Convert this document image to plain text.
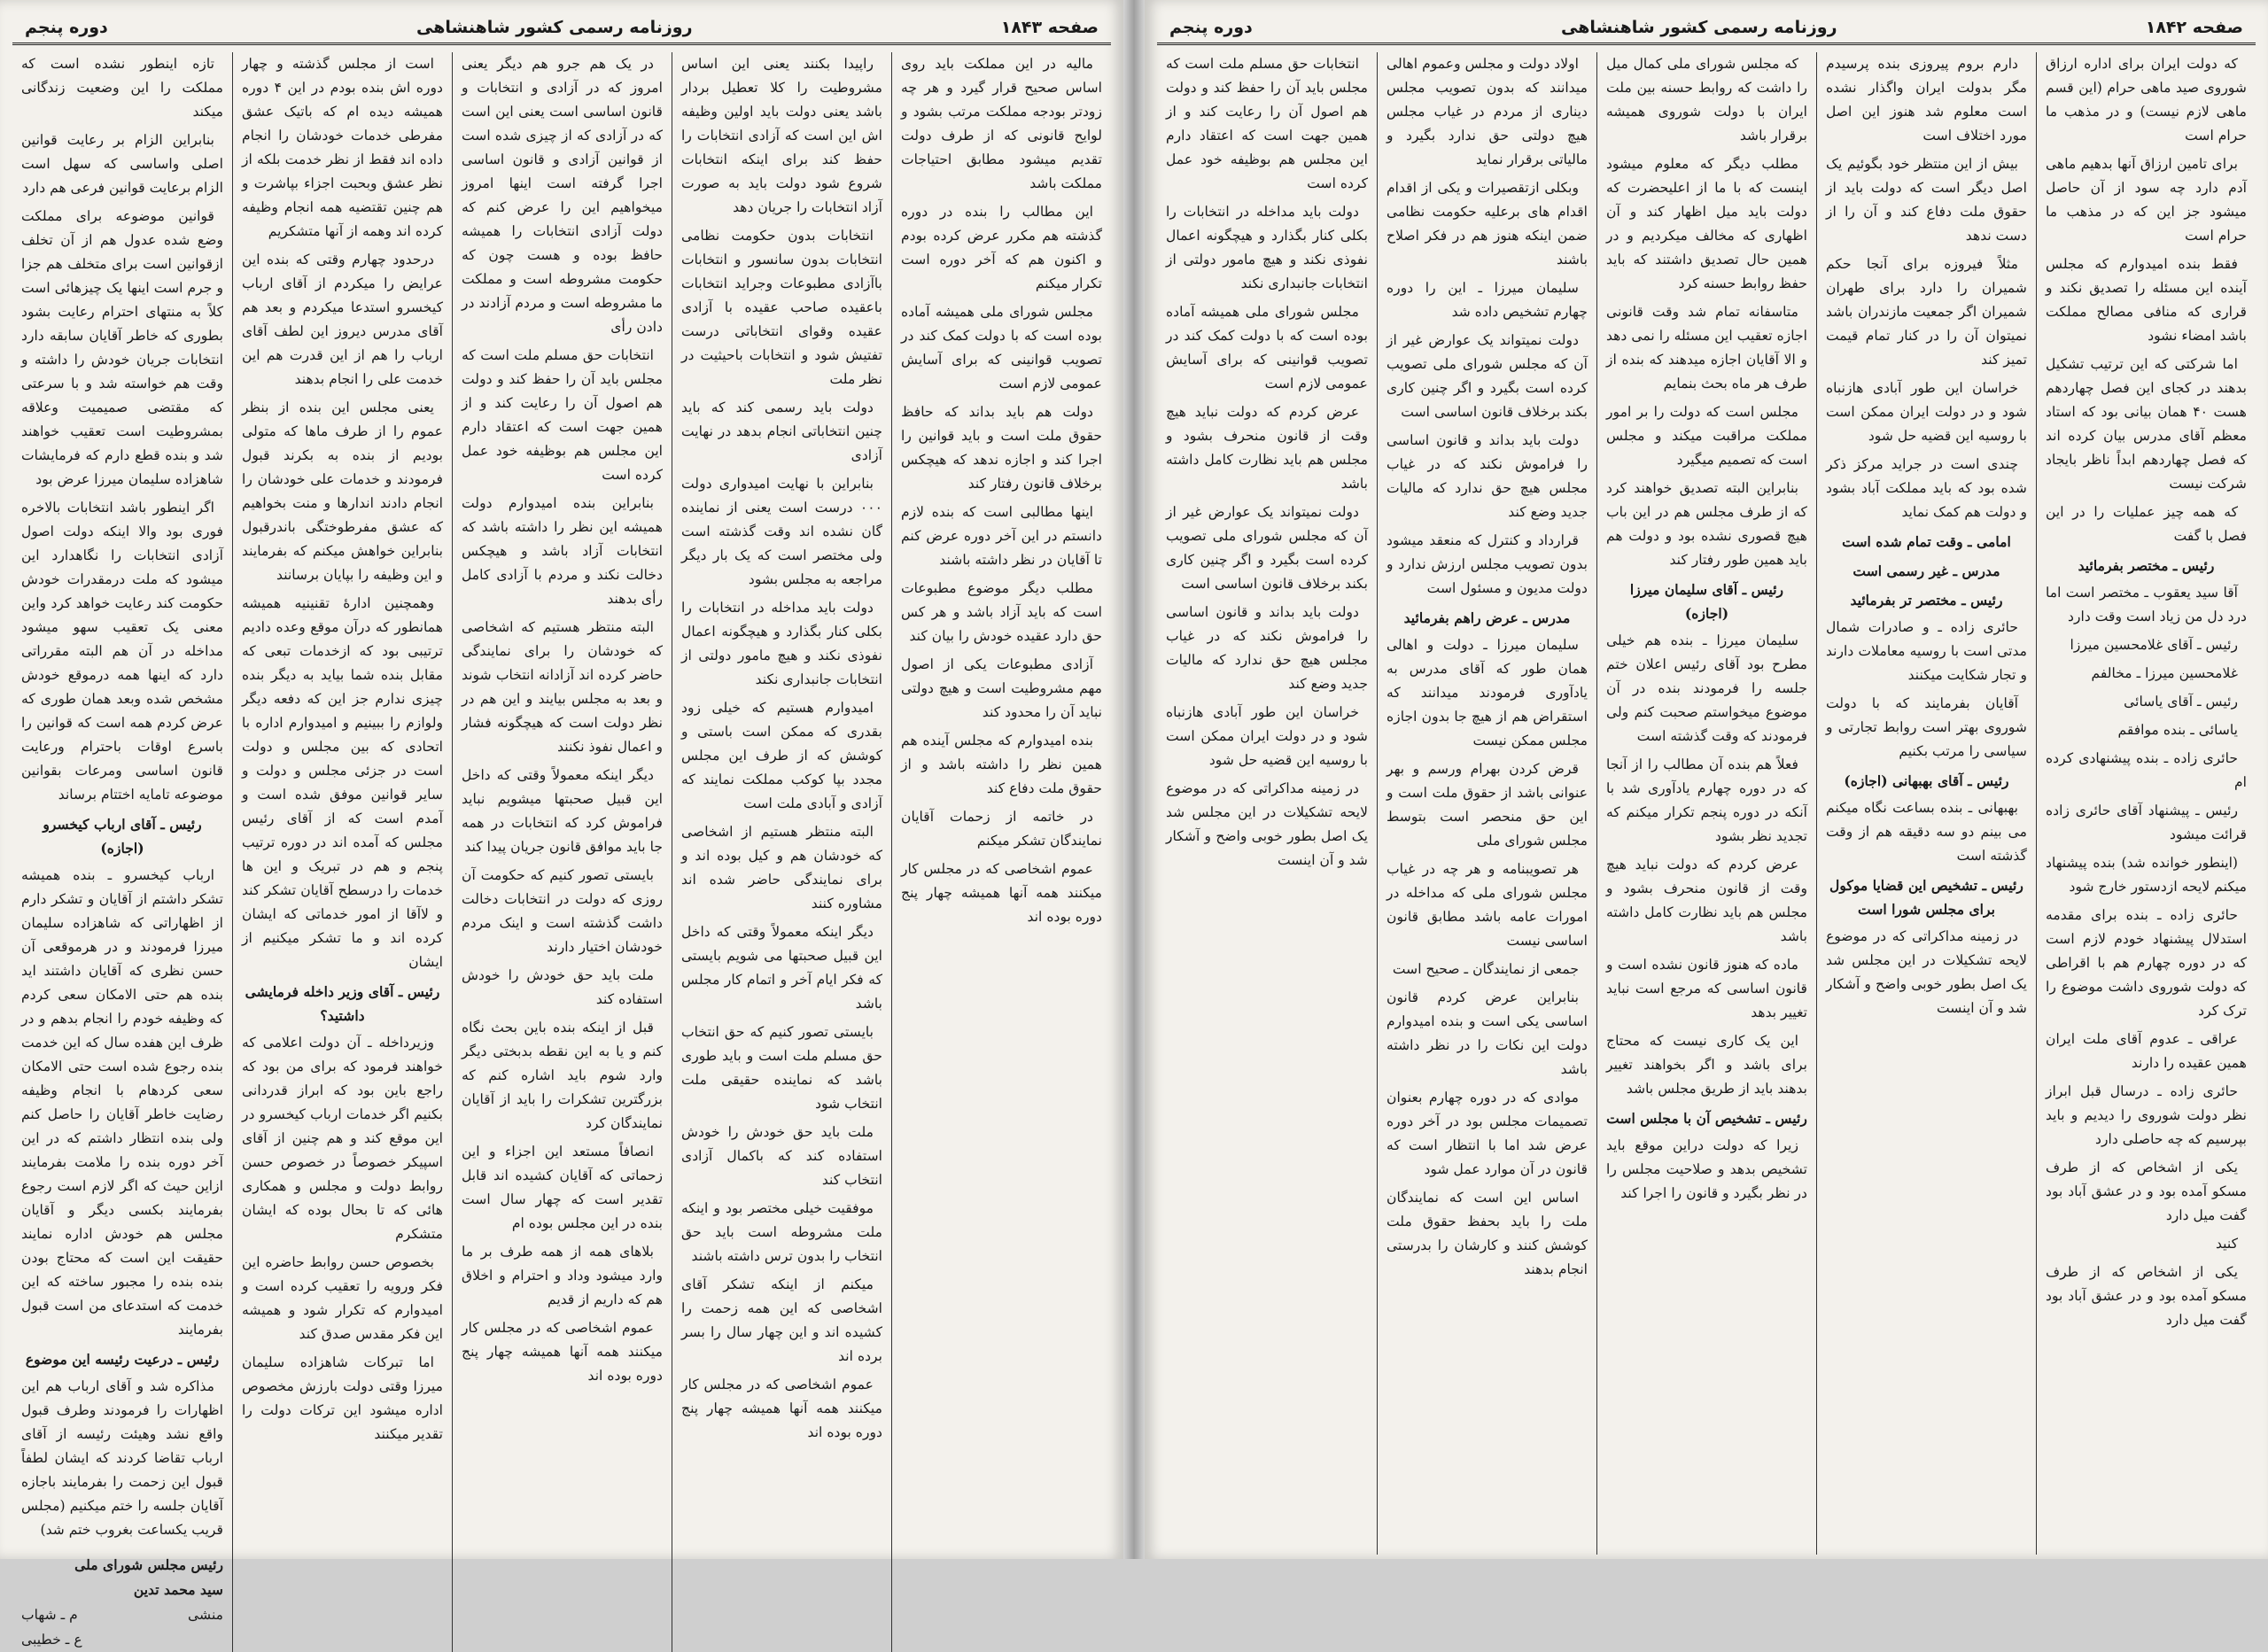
صفحه ۱۸۴۳
روزنامه رسمی کشور شاهنشاهی
دوره پنجم

مالیه در این مملکت باید روی اساس صحیح قرار گیرد و هر چه زودتر بودجه مملکت مرتب بشود و لوایح قانونی که از طرف دولت تقدیم میشود مطابق احتیاجات مملکت باشد

این مطالب را بنده در دوره گذشته هم مکرر عرض کرده بودم و اکنون هم که آخر دوره است تکرار میکنم

مجلس شورای ملی همیشه آماده بوده است که با دولت کمک کند در تصویب قوانینی که برای آسایش عمومی لازم است

دولت هم باید بداند که حافظ حقوق ملت است و باید قوانین را اجرا کند و اجازه ندهد که هیچکس برخلاف قانون رفتار کند

اینها مطالبی است که بنده لازم دانستم در این آخر دوره عرض کنم تا آقایان در نظر داشته باشند

مطلب دیگر موضوع مطبوعات است که باید آزاد باشد و هر کس حق دارد عقیده خودش را بیان کند

آزادی مطبوعات یکی از اصول مهم مشروطیت است و هیچ دولتی نباید آن را محدود کند

بنده امیدوارم که مجلس آینده هم همین نظر را داشته باشد و از حقوق ملت دفاع کند

در خاتمه از زحمات آقایان نمایندگان تشکر میکنم

عموم اشخاصی که در مجلس کار میکنند همه آنها همیشه چهار پنج دوره بوده اند

راپیدا بکنند یعنی این اساس مشروطیت را کلا تعطیل بردار باشد یعنی دولت باید اولین وظیفه اش این است که آزادی انتخابات را حفظ کند برای اینکه انتخابات شروع شود دولت باید به صورت آزاد انتخابات را جریان دهد

انتخابات بدون حکومت نظامی انتخابات بدون سانسور و انتخابات باآزادی مطبوعات وجراید انتخابات باعقیده صاحب عقیده با آزادی عقیده وقوای انتخاباتی درست تفتیش شود و انتخابات باحیثیت در نظر ملت

دولت باید رسمی کند که باید چنین انتخاباتی انجام بدهد در نهایت آزادی

بنابراین با نهایت امیدواری دولت ۰۰۰ درست است یعنی از نماینده گان نشده اند وقت گذشته است ولی مختصر است که یک بار دیگر مراجعه به مجلس بشود

دولت باید مداخله در انتخابات را بکلی کنار بگذارد و هیچگونه اعمال نفوذی نکند و هیچ مامور دولتی از انتخابات جانبداری نکند

امیدوارم هستیم که خیلی زود بقدری که ممکن است باستی و کوشش که از طرف این مجلس مجدد بپا کوکب مملکت نمایند که آزادی و آبادی ملت است

البته منتظر هستیم از اشخاصی که خودشان هم و کیل بوده اند و برای نمایندگی حاضر شده اند مشاوره کنند

دیگر اینکه معمولاً وقتی که داخل این قبیل صحبتها می شویم بایستی که فکر ایام آخر و اتمام کار مجلس باشد

بایستی تصور کنیم که حق انتخاب حق مسلم ملت است و باید طوری باشد که نماینده حقیقی ملت انتخاب شود

ملت باید حق خودش را خودش استفاده کند که باکمال آزادی انتخاب کند

موفقیت خیلی مختصر بود و اینکه ملت مشروطه است باید حق انتخاب را بدون ترس داشته باشند

میکنم از اینکه تشکر آقای اشخاصی که این همه زحمت را کشیده اند و این چهار سال را بسر برده اند

عموم اشخاصی که در مجلس کار میکنند همه آنها همیشه چهار پنج دوره بوده اند

در یک هم جرو هم دیگر یعنی امروز که در آزادی و انتخابات و قانون اساسی است یعنی این است که در آزادی که از چیزی شده است از قوانین آزادی و قانون اساسی اجرا گرفته است اینها امروز میخواهیم این را عرض کنم که دولت آزادی انتخابات را همیشه حافظ بوده و هست چون که حکومت مشروطه است و مملکت ما مشروطه است و مردم آزادند در دادن رأی

انتخابات حق مسلم ملت است که مجلس باید آن را حفظ کند و دولت هم اصول آن را رعایت کند و از همین جهت است که اعتقاد دارم این مجلس هم بوظیفه خود عمل کرده است

بنابراین بنده امیدوارم دولت همیشه این نظر را داشته باشد که انتخابات آزاد باشد و هیچکس دخالت نکند و مردم با آزادی کامل رأی بدهند

البته منتظر هستیم که اشخاصی که خودشان را برای نمایندگی حاضر کرده اند آزادانه انتخاب شوند و بعد به مجلس بیایند و این هم در نظر دولت است که هیچگونه فشار و اعمال نفوذ نکنند

دیگر اینکه معمولاً وقتی که داخل این قبیل صحبتها میشویم نباید فراموش کرد که انتخابات در همه جا باید موافق قانون جریان پیدا کند

بایستی تصور کنیم که حکومت آن روزی که دولت در انتخابات دخالت داشت گذشته است و اینک مردم خودشان اختیار دارند

ملت باید حق خودش را خودش استفاده کند

قبل از اینکه بنده باین بحث نگاه کنم و یا به این نقطه بدبختی دیگر وارد شوم باید اشاره کنم که بزرگترین تشکرات را باید از آقایان نمایندگان کرد

انصافاً مستعد این اجزاء و این زحماتی که آقایان کشیده اند قابل تقدیر است که چهار سال است بنده در این مجلس بوده ام

بلاهای همه از همه طرف بر ما وارد میشود وداد و احترام و اخلاق هم که داریم از قدیم

عموم اشخاصی که در مجلس کار میکنند همه آنها همیشه چهار پنج دوره بوده اند

است از مجلس گذشته و چهار دوره اش بنده بودم در این ۴ دوره همیشه دیده ام که باتیک عشق مفرطی خدمات خودشان را انجام داده اند فقط از نظر خدمت بلکه از نظر عشق وبحبت اجزاء بپاشرت و هم چنین تقتضیه همه انجام وظیفه کرده اند وهمه از آنها متشکریم

درحدود چهارم وقتی که بنده این عرایض را میکردم از آقای ارباب کیخسرو استدعا میکردم و بعد هم آقای مدرس دیروز این لطف آقای ارباب را هم از این قدرت هم این خدمت علی را انجام بدهند

یعنی مجلس این بنده از بنظر عموم را از طرف ماها که متولی بودیم از بنده به بکرند قبول فرمودند و خدمات علی خودشان را انجام دادند اندارها و منت بخواهیم که عشق مفرطوختگی باندرقبول بنابراین خواهش میکنم که بفرمایند و این وظیفه را بپایان برسانند

وهمچنین ادارۀ تقنینیه همیشه همانطور که درآن موقع وعده دادیم ترتیبی بود که ازخدمات تبعی که مقابل بنده شما بیاید به دیگر بنده چیزی ندارم جز این که دفعه دیگر ولوازم را ببینیم و امیدوارم اداره با اتحادی که بین مجلس و دولت است در جزئی مجلس و دولت و سایر قوانین موفق شده است و آمدم است که از آقای رئیس مجلس که آمده اند در دوره ترتیب پنجم و هم در تبریک و این ها خدمات را درسطح آقایان تشکر کند و لاآقا از امور خدماتی که ایشان کرده اند و ما تشکر میکنیم از ایشان

رئیس ـ آقای وزیر داخله فرمایشی داشتید؟

وزیرداخله ـ آن دولت اعلامی که خواهند فرمود که برای من بود که راجع باین بود که ابراز قدردانی بکنیم اگر خدمات ارباب کیخسرو در این موقع کند و هم چنین از آقای اسپیکر خصوصاً در خصوص حسن روابط دولت و مجلس و همکاری هائی که تا بحال بوده که ایشان متشکرم

بخصوص حسن روابط حاضره این فکر ورویه را تعقیب کرده است و امیدوارم که تکرار شود و همیشه این فکر مقدس صدق کند

اما تبرکات شاهزاده سلیمان میرزا وقتی دولت بارزش مخصوص اداره میشود این ترکات دولت را تقدیر میکنند

تازه اینطور نشده است که مملکت را این وضعیت زندگانی میکند

بنابراین الزام بر رعایت قوانین اصلی واساسی که سهل است الزام برعایت قوانین فرعی هم دارد

قوانین موضوعه برای مملکت وضع شده عدول هم از آن تخلف ازقوانین است برای متخلف هم جزا و جرم است اینها یک چیزهائی است کلاً به منتهای احترام رعایت بشود بطوری که خاطر آقایان سابقه دارد انتخابات جریان خودش را داشته و وقت هم خواسته شد و با سرعتی که مقتضی صمیمیت وعلاقه بمشروطیت است تعقیب خواهند شد و بنده قطع دارم که فرمایشات شاهزاده سلیمان میرزا عرض بود

اگر اینطور باشد انتخابات بالاخره فوری بود والا اینکه دولت اصول آزادی انتخابات را نگاهدارد این میشود که ملت درمقدرات خودش حکومت کند رعایت خواهد کرد واین معنی یک تعقیب سهو میشود مداخله در آن هم البته مقرراتی دارد که اینها همه درموقع خودش مشخص شده وبعد همان طوری که عرض کردم همه است که قوانین را باسرع اوقات باحترام ورعایت قانون اساسی ومرعات بقوانین موضوعه تامایه اختتام برساند

رئیس ـ آقای ارباب کیخسرو (اجازه)

ارباب کیخسرو ـ بنده همیشه تشکر داشتم از آقایان و تشکر دارم از اظهاراتی که شاهزاده سلیمان میرزا فرمودند و در هرموقعی آن حسن نظری که آقایان داشتند اید بنده هم حتی الامکان سعی کردم که وظیفه خودم را انجام بدهم و در ظرف این هفده سال که این خدمت بنده رجوع شده است حتی الامکان سعی کردهام با انجام وظیفه رضایت خاطر آقایان را حاصل کنم ولی بنده انتظار داشتم که در این آخر دوره بنده را ملامت بفرمایند ازاین حیث که اگر لازم است رجوع بفرمایند بکسی دیگر و آقایان مجلس هم خودش اداره نمایند حقیقت این است که محتاج بودن بنده بنده را مجبور ساخته که این خدمت که استدعای من است قبول بفرمایند

رئیس ـ درعیت رئیسه این موضوع

مذاکره شد و آقای ارباب هم این اظهارات را فرمودند وطرف قبول واقع نشد وهیئت رئیسه از آقای ارباب تقاضا کردند که ایشان لطفاً قبول این زحمت را بفرمایند باجازه آقایان جلسه را ختم میکنیم (مجلس قریب یکساعت بغروب ختم شد)

رئیس مجلس شورای ملی
سید محمد تدین
منشی
م ـ شهاب
ع ـ خطیبی
صفحه ۱۸۴۲
روزنامه رسمی کشور شاهنشاهی
دوره پنجم

که دولت ایران برای اداره ارزاق شوروی صید ماهی حرام (این قسم ماهی لازم نیست) و در مذهب ما حرام است

برای تامین ارزاق آنها بدهیم ماهی آدم دارد چه سود از آن حاصل میشود جز این که در مذهب ما حرام است

فقط بنده امیدوارم که مجلس آینده این مسئله را تصدیق نکند و قراری که منافی مصالح مملکت باشد امضاء نشود

اما شرکتی که این ترتیب تشکیل بدهند در کجای این فصل چهاردهم هست ۴۰ همان بیانی بود که استاد معظم آقای مدرس بیان کرده اند که فصل چهاردهم ابداً ناظر بایجاد شرکت نیست

که همه چیز عملیات را در این فصل با گفت

رئیس ـ مختصر بفرمائید

آقا سید یعقوب ـ مختصر است اما درد دل من زیاد است وقت دارد

رئیس ـ آقای غلامحسین میرزا

غلامحسین میرزا ـ مخالفم

رئیس ـ آقای یاسائی

یاسائی ـ بنده موافقم

حائری زاده ـ بنده پیشنهادی کرده ام

رئیس ـ پیشنهاد آقای حائری زاده قرائت میشود

(اینطور خوانده شد) بنده پیشنهاد میکنم لایحه ازدستور خارج شود

حائری زاده ـ بنده برای مقدمه استدلال پیشنهاد خودم لازم است که در دوره چهارم هم با اقراطی که دولت شوروی داشت موضوع را ترک کرد

عراقی ـ عدوم آقای ملت ایران همین عقیده را دارند

حائری زاده ـ درسال قبل ابراز نظر دولت شوروی را دیدیم و باید بپرسیم که چه حاصلی دارد

یکی از اشخاص که از طرف مسکو آمده بود و در عشق آباد بود گفت میل دارد

کنید

یکی از اشخاص که از طرف مسکو آمده بود و در عشق آباد بود گفت میل دارد

دارم بروم پیروزی بنده پرسیدم مگر بدولت ایران واگذار نشده است معلوم شد هنوز این اصل مورد اختلاف است

بیش از این منتظر خود بگوئیم یک اصل دیگر است که دولت باید از حقوق ملت دفاع کند و آن را از دست ندهد

مثلاً فیروزه برای آنجا حکم شمیران را دارد برای طهران شمیران اگر جمعیت مازندران باشد نمیتوان آن را در کنار تمام قیمت تمیز کند

خراسان این طور آبادی هازنباه شود و در دولت ایران ممکن است با روسیه این قضیه حل شود

چندی است در جراید مرکز ذکر شده بود که باید مملکت آباد بشود و دولت هم کمک نماید

امامی ـ وقت تمام شده است

مدرس ـ غیر رسمی است

رئیس ـ مختصر تر بفرمائید

حائری زاده ـ و صادرات شمال مدتی است با روسیه معاملات دارند و تجار شکایت میکنند

آقایان بفرمایند که با دولت شوروی بهتر است روابط تجارتی و سیاسی را مرتب بکنیم

رئیس ـ آقای بهبهانی (اجازه)

بهبهانی ـ بنده بساعت نگاه میکنم می بینم دو سه دقیقه هم از وقت گذشته است

رئیس ـ تشخیص این قضایا موکول برای مجلس شورا است

در زمینه مداکراتی که در موضوع لایحه تشکیلات در این مجلس شد یک اصل بطور خوبی واضح و آشکار شد و آن اینست

که مجلس شورای ملی کمال میل را داشت که روابط حسنه بین ملت ایران با دولت شوروی همیشه برقرار باشد

مطلب دیگر که معلوم میشود اینست که با ما از اعلیحضرت که دولت باید میل اظهار کند و آن اظهاری که مخالف میکردیم و در همین حال تصدیق داشتند که باید حفظ روابط حسنه کرد

متاسفانه تمام شد وقت قانونی اجازه تعقیب این مسئله را نمی دهد و الا آقایان اجازه میدهند که بنده از طرف هر ماه بحث بنمایم

مجلس است که دولت را بر امور مملکت مراقبت میکند و مجلس است که تصمیم میگیرد

بنابراین البته تصدیق خواهند کرد که از طرف مجلس هم در این باب هیچ قصوری نشده بود و دولت هم باید همین طور رفتار کند

رئیس ـ آقای سلیمان میرزا (اجازه)

سلیمان میرزا ـ بنده هم خیلی مطرح بود آقای رئیس اعلان ختم جلسه را فرمودند بنده در آن موضوع میخواستم صحبت کنم ولی فرمودند که وقت گذشته است

فعلاً هم بنده آن مطالب را از آنجا که در دوره چهارم یادآوری شد با آنکه در دوره پنجم تکرار میکنم که تجدید نظر بشود

عرض کردم که دولت نباید هیچ وقت از قانون منحرف بشود و مجلس هم باید نظارت کامل داشته باشد

ماده که هنوز قانون نشده است و قانون اساسی که مرجع است نباید تغییر بدهد

این یک کاری نیست که محتاج برای باشد و اگر بخواهند تغییر بدهند باید از طریق مجلس باشد

رئیس ـ تشخیص آن با مجلس است

زیرا که دولت دراین موقع باید تشخیص بدهد و صلاحیت مجلس را در نظر بگیرد و قانون را اجرا کند

اولاد دولت و مجلس وعموم اهالی میدانند که بدون تصویب مجلس دیناری از مردم در غیاب مجلس هیچ دولتی حق ندارد بگیرد و مالیاتی برقرار نماید

وبکلی ازتقصیرات و یکی از اقدام اقدام های برعلیه حکومت نظامی ضمن اینکه هنوز هم در فکر اصلاح باشند

سلیمان میرزا ـ این را دوره چهارم تشخیص داده شد

دولت نمیتواند یک عوارض غیر از آن که مجلس شورای ملی تصویب کرده است بگیرد و اگر چنین کاری بکند برخلاف قانون اساسی است

دولت باید بداند و قانون اساسی را فراموش نکند که در غیاب مجلس هیچ حق ندارد که مالیات جدید وضع کند

قرارداد و کنترل که منعقد میشود بدون تصویب مجلس ارزش ندارد و دولت مدیون و مسئول است

مدرس ـ عرض راهم بفرمائید

سلیمان میرزا ـ دولت و اهالی همان طور که آقای مدرس به یادآوری فرمودند میدانند که استقراض هم از هیچ جا بدون اجازه مجلس ممکن نیست

قرض کردن بهرام ورسم و بهر عنوانی باشد از حقوق ملت است و این حق منحصر است بتوسط مجلس شورای ملی

هر تصویبنامه و هر چه در غیاب مجلس شورای ملی که مداخله در امورات عامه باشد مطابق قانون اساسی نیست

جمعی از نمایندگان ـ صحیح است

بنابراین عرض کردم قانون اساسی یکی است و بنده امیدوارم دولت این نکات را در نظر داشته باشد

موادی که در دوره چهارم بعنوان تصمیمات مجلس بود در آخر دوره عرض شد اما با انتظار است که قانون در آن موارد عمل شود

اساس این است که نمایندگان ملت را باید بحفظ حقوق ملت کوشش کنند و کارشان را بدرستی انجام بدهند

انتخابات حق مسلم ملت است که مجلس باید آن را حفظ کند و دولت هم اصول آن را رعایت کند و از همین جهت است که اعتقاد دارم این مجلس هم بوظیفه خود عمل کرده است

دولت باید مداخله در انتخابات را بکلی کنار بگذارد و هیچگونه اعمال نفوذی نکند و هیچ مامور دولتی از انتخابات جانبداری نکند

مجلس شورای ملی همیشه آماده بوده است که با دولت کمک کند در تصویب قوانینی که برای آسایش عمومی لازم است

عرض کردم که دولت نباید هیچ وقت از قانون منحرف بشود و مجلس هم باید نظارت کامل داشته باشد

دولت نمیتواند یک عوارض غیر از آن که مجلس شورای ملی تصویب کرده است بگیرد و اگر چنین کاری بکند برخلاف قانون اساسی است

دولت باید بداند و قانون اساسی را فراموش نکند که در غیاب مجلس هیچ حق ندارد که مالیات جدید وضع کند

خراسان این طور آبادی هازنباه شود و در دولت ایران ممکن است با روسیه این قضیه حل شود

در زمینه مداکراتی که در موضوع لایحه تشکیلات در این مجلس شد یک اصل بطور خوبی واضح و آشکار شد و آن اینست
